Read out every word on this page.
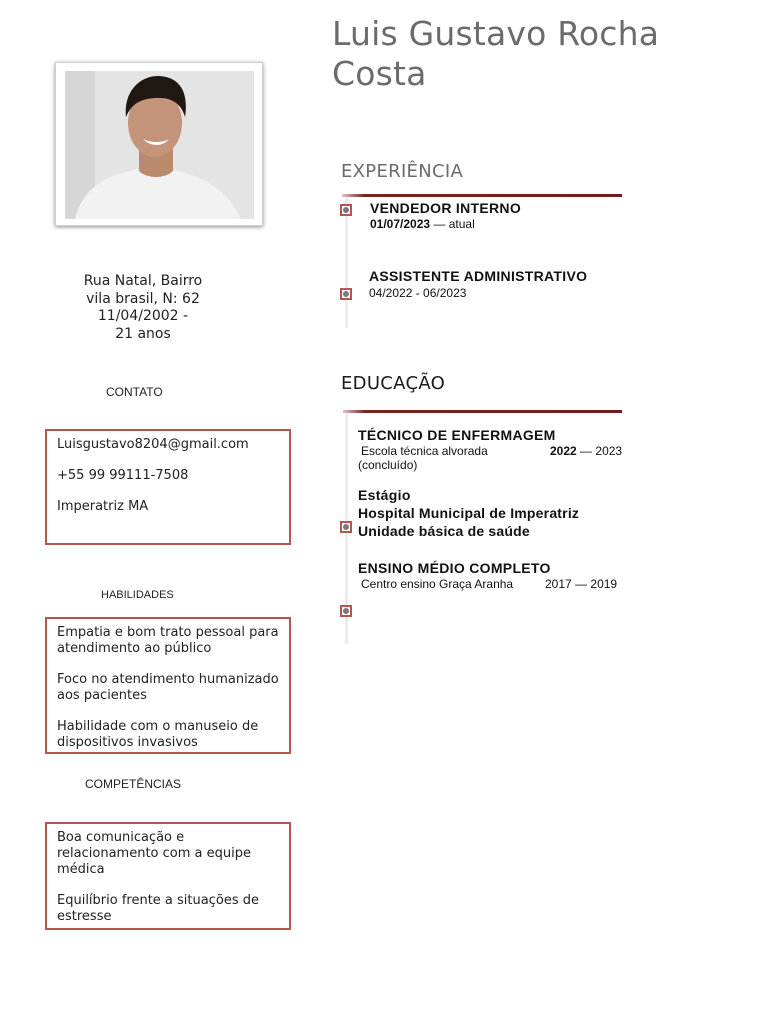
Luis Gustavo Rocha Costa
Rua Natal, Bairro
vila brasil, N: 62
11/04/2002 -
21 anos
CONTATO

Luisgustavo8204@gmail.com

+55 99 99111-7508

Imperatriz MA

HABILIDADES

Empatia e bom trato pessoal para atendimento ao público

Foco no atendimento humanizado aos pacientes

Habilidade com o manuseio de dispositivos invasivos

COMPETÊNCIAS

Boa comunicação e relacionamento com a equipe médica

Equilíbrio frente a situações de estresse

EXPERIÊNCIA
VENDEDOR INTERNO
01/07/2023 — atual
ASSISTENTE ADMINISTRATIVO
04/2022 - 06/2023
EDUCAÇÃO
TÉCNICO DE ENFERMAGEM
Escola técnica alvorada	2022 — 2023
(concluído)
Estágio
Hospital Municipal de Imperatriz
Unidade básica de saúde
ENSINO MÉDIO COMPLETO
Centro ensino Graça Aranha	2017 — 2019
